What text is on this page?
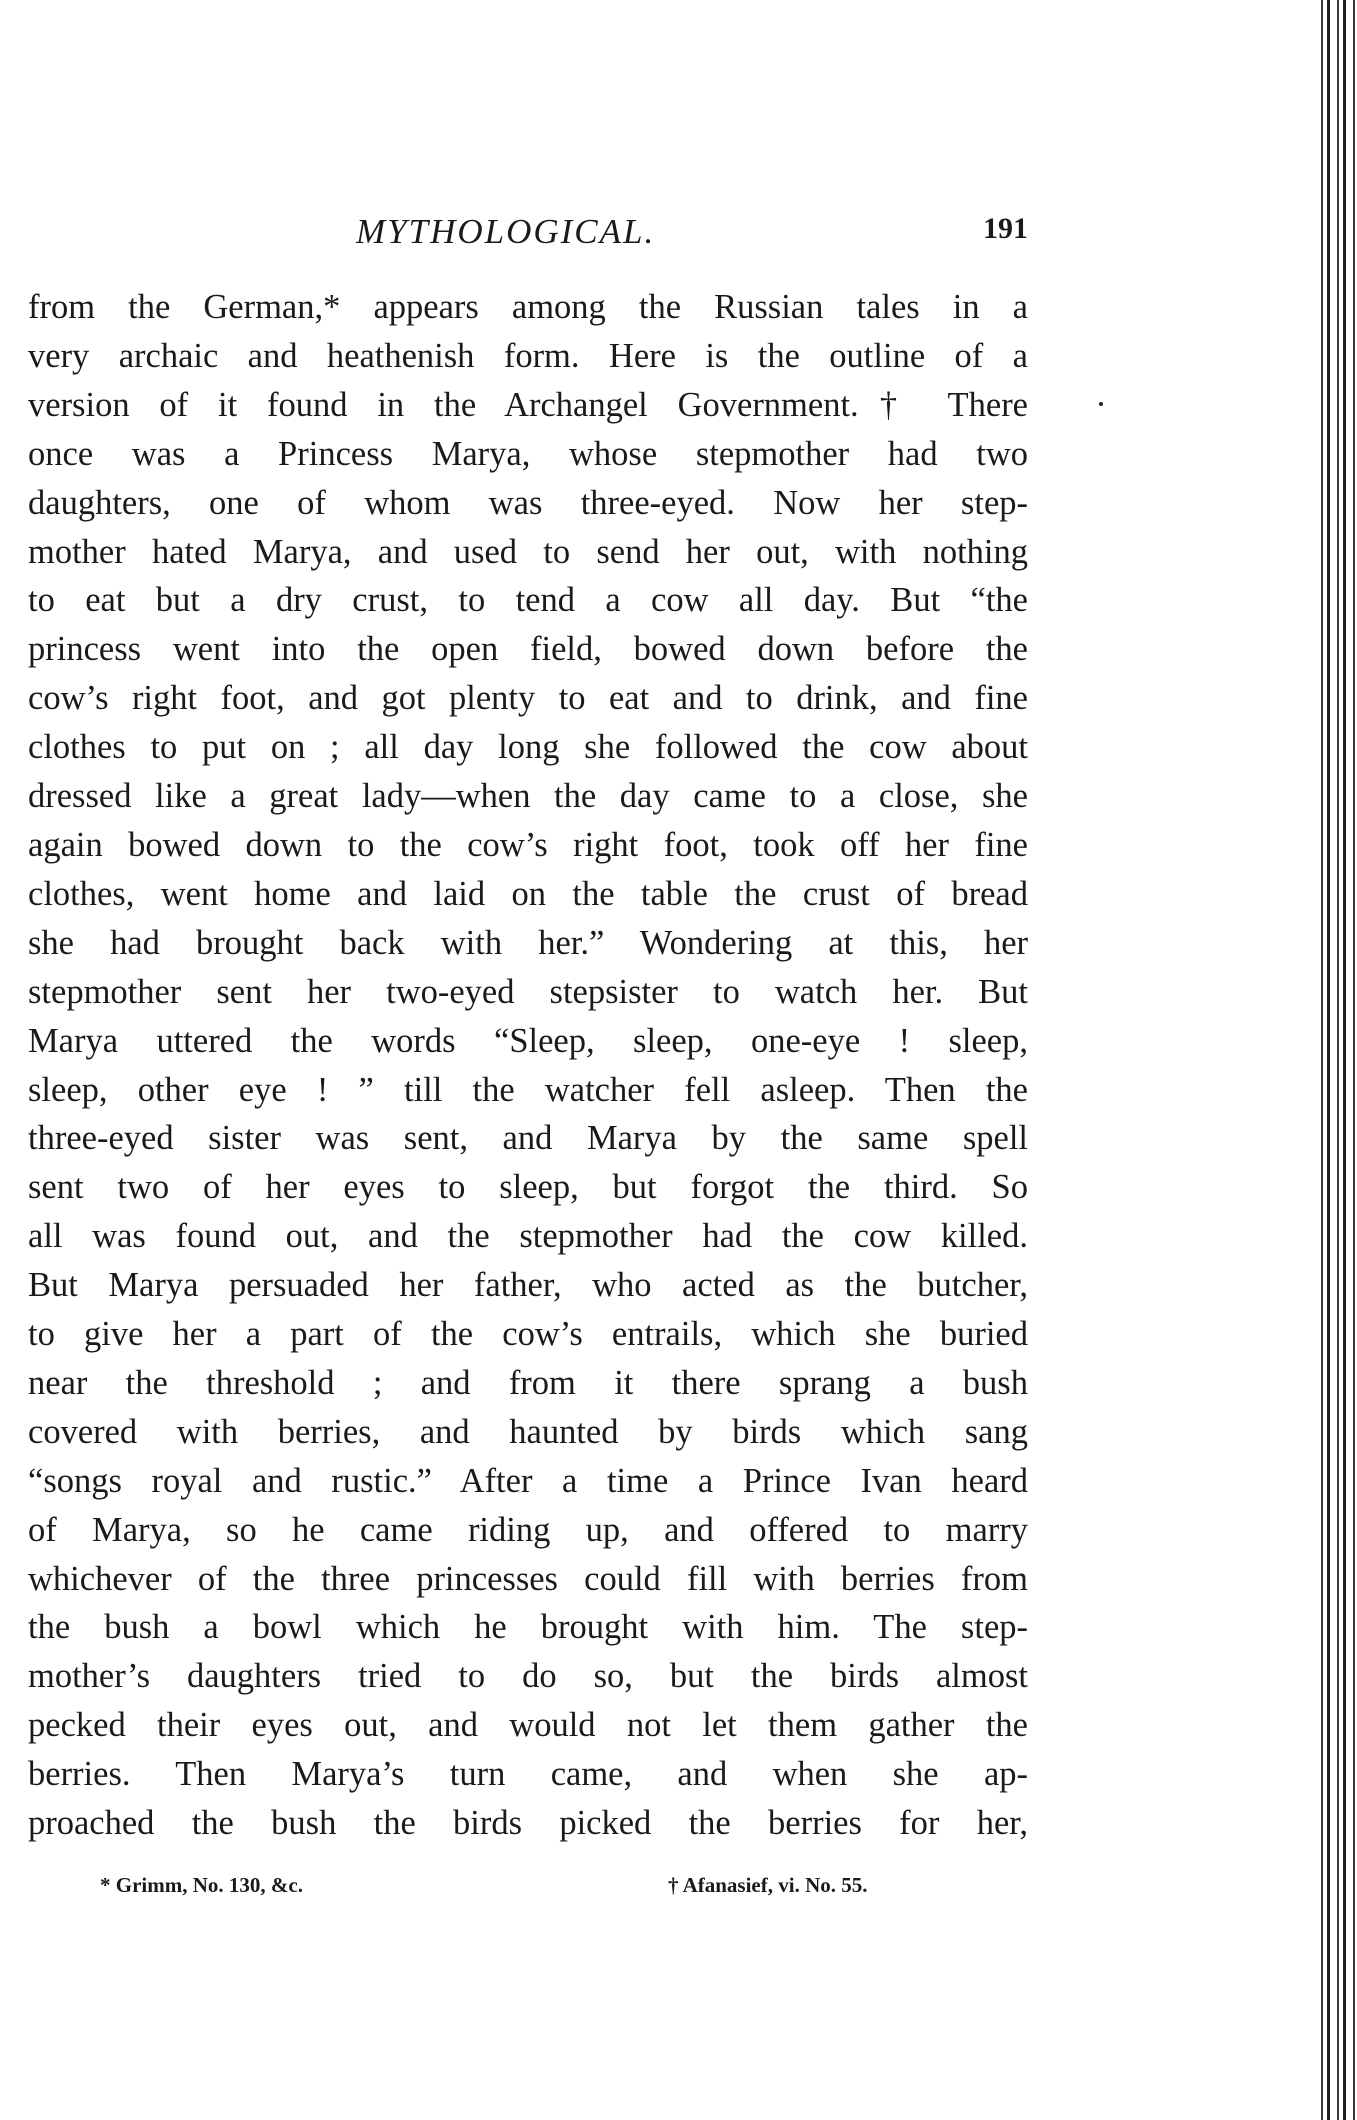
MYTHOLOGICAL.	191
from the German,* appears among the Russian tales in a
very archaic and heathenish form. Here is the outline of a
version of it found in the Archangel Government.† There
once was a Princess Marya, whose stepmother had two
daughters, one of whom was three-eyed. Now her step-
mother hated Marya, and used to send her out, with nothing
to eat but a dry crust, to tend a cow all day. But “the
princess went into the open field, bowed down before the
cow’s right foot, and got plenty to eat and to drink, and fine
clothes to put on ; all day long she followed the cow about
dressed like a great lady—when the day came to a close, she
again bowed down to the cow’s right foot, took off her fine
clothes, went home and laid on the table the crust of bread
she had brought back with her.” Wondering at this, her
stepmother sent her two-eyed stepsister to watch her. But
Marya uttered the words “Sleep, sleep, one-eye ! sleep,
sleep, other eye ! ” till the watcher fell asleep. Then the
three-eyed sister was sent, and Marya by the same spell
sent two of her eyes to sleep, but forgot the third. So
all was found out, and the stepmother had the cow killed.
But Marya persuaded her father, who acted as the butcher,
to give her a part of the cow’s entrails, which she buried
near the threshold ; and from it there sprang a bush
covered with berries, and haunted by birds which sang
“songs royal and rustic.” After a time a Prince Ivan heard
of Marya, so he came riding up, and offered to marry
whichever of the three princesses could fill with berries from
the bush a bowl which he brought with him. The step-
mother’s daughters tried to do so, but the birds almost
pecked their eyes out, and would not let them gather the
berries. Then Marya’s turn came, and when she ap-
proached the bush the birds picked the berries for her,
* Grimm, No. 130, &c.	† Afanasief, vi. No. 55.
